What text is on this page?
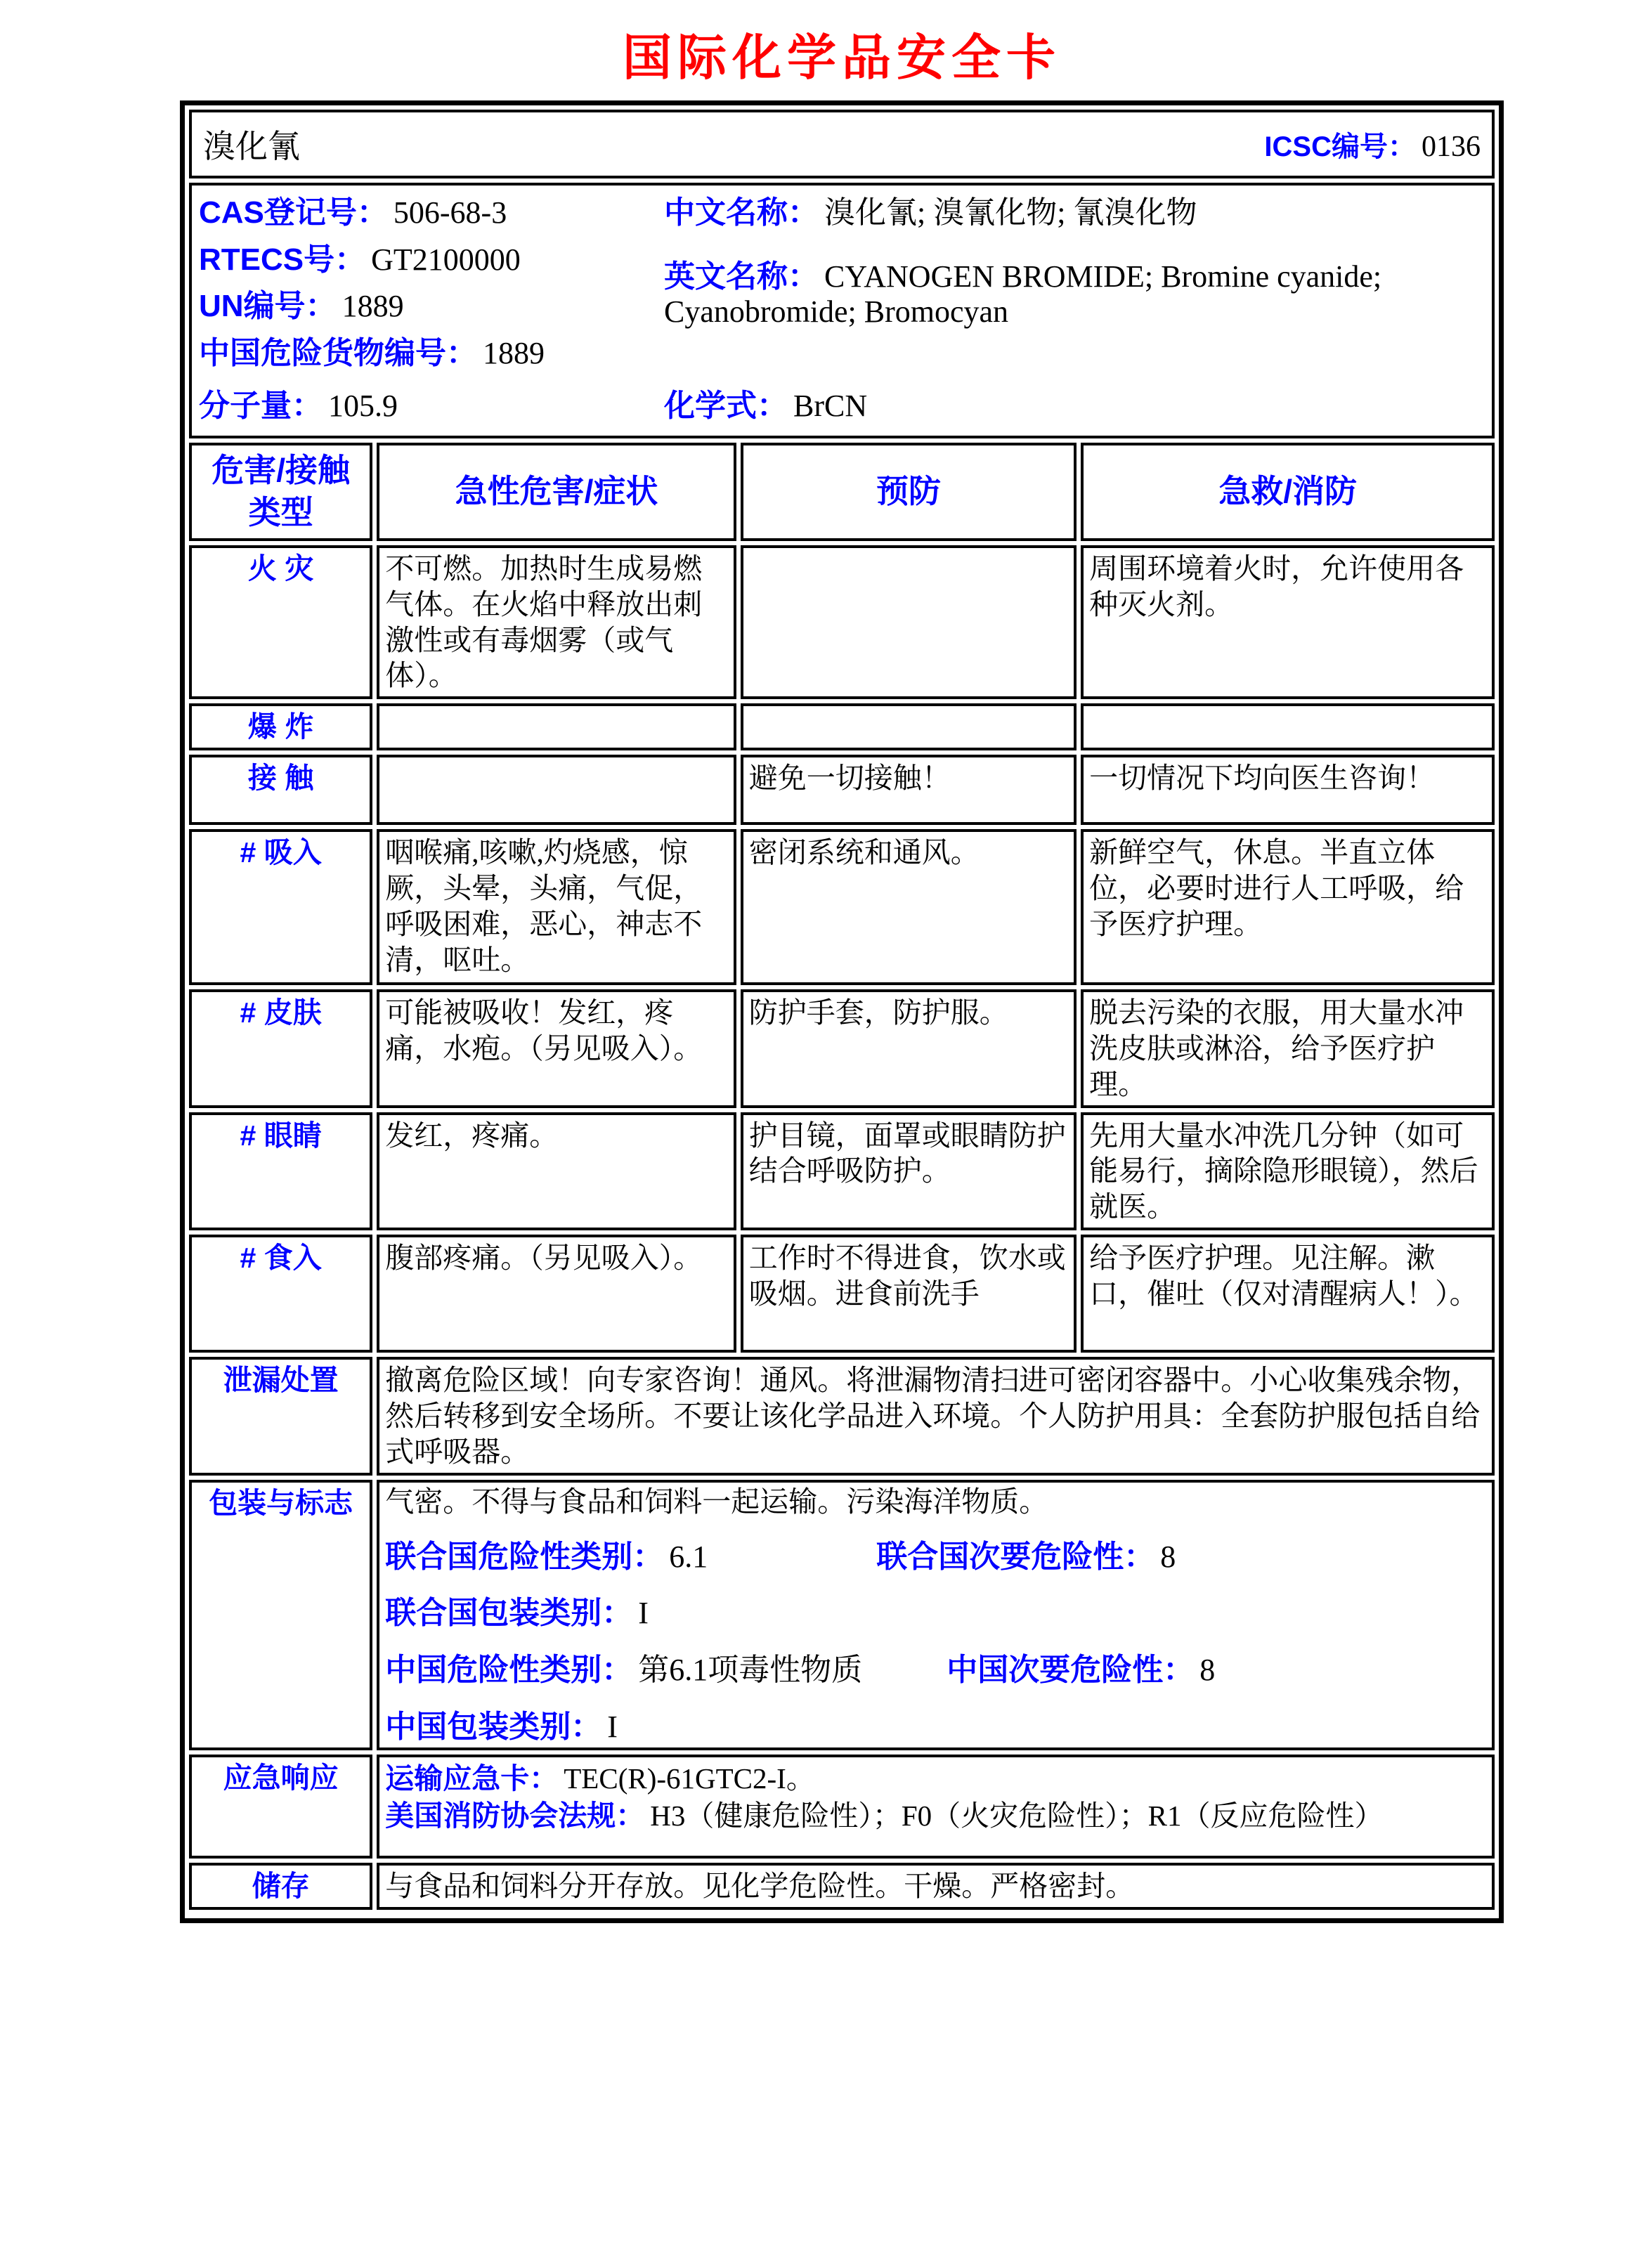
国际化学品安全卡
溴化氰	ICSC编号： 0136
CAS登记号： 506-68-3
RTECS号： GT2100000
UN编号： 1889
中国危险货物编号： 1889
分子量： 105.9
中文名称： 溴化氰; 溴氰化物; 氰溴化物
英文名称： CYANOGEN BROMIDE; Bromine cyanide; Cyanobromide; Bromocyan
化学式： BrCN
危害/接触
类型	急性危害/症状	预防	急救/消防
火 灾	不可燃。加热时生成易燃气体。在火焰中释放出刺激性或有毒烟雾（或气体）。		周围环境着火时，允许使用各种灭火剂。
爆 炸			
接 触		避免一切接触！	一切情况下均向医生咨询！
# 吸入	咽喉痛,咳嗽,灼烧感，惊厥，头晕，头痛，气促，呼吸困难，恶心，神志不清，呕吐。	密闭系统和通风。	新鲜空气，休息。半直立体位，必要时进行人工呼吸，给予医疗护理。
# 皮肤	可能被吸收！发红，疼痛，水疱。（另见吸入）。	防护手套，防护服。	脱去污染的衣服，用大量水冲洗皮肤或淋浴，给予医疗护理。
# 眼睛	发红，疼痛。	护目镜，面罩或眼睛防护结合呼吸防护。	先用大量水冲洗几分钟（如可能易行，摘除隐形眼镜），然后就医。
# 食入	腹部疼痛。（另见吸入）。	工作时不得进食，饮水或吸烟。进食前洗手	给予医疗护理。见注解。漱口，催吐（仅对清醒病人！）。
泄漏处置	撤离危险区域！向专家咨询！通风。将泄漏物清扫进可密闭容器中。小心收集残余物，然后转移到安全场所。不要让该化学品进入环境。个人防护用具：全套防护服包括自给式呼吸器。		
包装与标志	气密。不得与食品和饲料一起运输。污染海洋物质。
联合国危险性类别： 6.1 联合国次要危险性： 8
联合国包装类别： I
中国危险性类别： 第6.1项毒性物质 中国次要危险性： 8
中国包装类别： I		

应急响应	运输应急卡： TEC(R)-61GTC2-I。
美国消防协会法规： H3（健康危险性）；F0（火灾危险性）；R1（反应危险性）		

储存	与食品和饲料分开存放。见化学危险性。干燥。严格密封。		
